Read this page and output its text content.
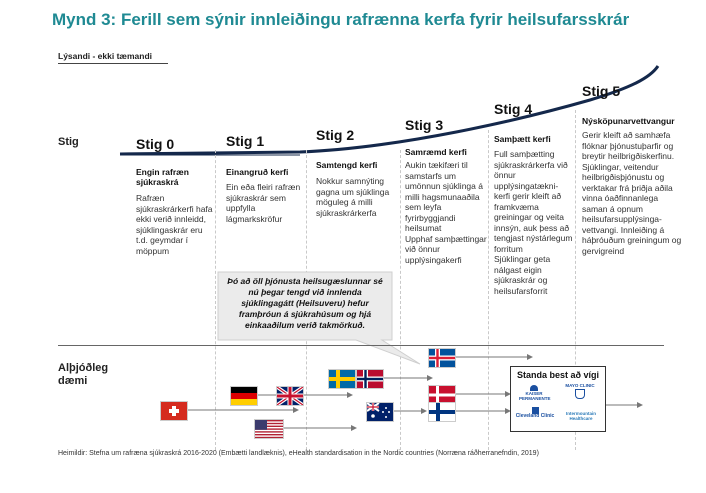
Mynd 3: Ferill sem sýnir innleiðingu rafrænna kerfa fyrir heilsufarsskrár
Lýsandi - ekki tæmandi
Stig
Alþjóðleg
dæmi
Stig 0
Engin rafræn sjúkraskrá
Rafræn sjúkraskrárkerfi hafa ekki verið innleidd, sjúklingaskrár eru t.d. geymdar í möppum
Stig 1
Einangruð kerfi
Ein eða fleiri rafræn sjúkraskrár sem uppfylla lágmarkskröfur
Stig 2
Samtengd kerfi
Nokkur samnýting gagna um sjúklinga möguleg á milli sjúkraskrárkerfa
Stig 3
Samræmd kerfi
Aukin tækifæri til samstarfs um umönnun sjúklinga á milli hagsmunaaðila sem leyfa fyrirbyggjandi heilsumat
Upphaf samþættingar við önnur upplýsingakerfi
Stig 4
Samþætt kerfi
Full samþætting sjúkraskrárkerfa við önnur upplýsingatækni-kerfi gerir kleift að framkvæma greiningar og veita innsýn, auk þess að tengjast nýstárlegum forritum
Sjúklingar geta nálgast eigin sjúkraskrár og heilsufarsforrit
Stig 5
Nýsköpunarvettvangur
Gerir kleift að samhæfa flóknar þjónustuþarfir og breytir heilbrigðiskerfinu. Sjúklingar, veitendur heilbrigðisþjónustu og verktakar frá þriðja aðila vinna óaðfinnanlega saman á opnum heilsufarsupplýsinga-vettvangi. Innleiðing á háþróuðum greiningum og gervigreind
Þó að öll þjónusta heilsugæslunnar sé nú þegar tengd við innlenda sjúklingagátt (Heilsuveru) hefur framþróun á sjúkrahúsum og hjá einkaaðilum verið takmörkuð.
Standa best að vígi
KAISER PERMANENTE
MAYO CLINIC
Cleveland Clinic	Intermountain Healthcare
Heimildir: Stefna um rafræna sjúkraskrá 2016-2020 (Embætti landlæknis), eHealth standardisation in the Nordic countries (Norræna ráðherranefndin, 2019)
